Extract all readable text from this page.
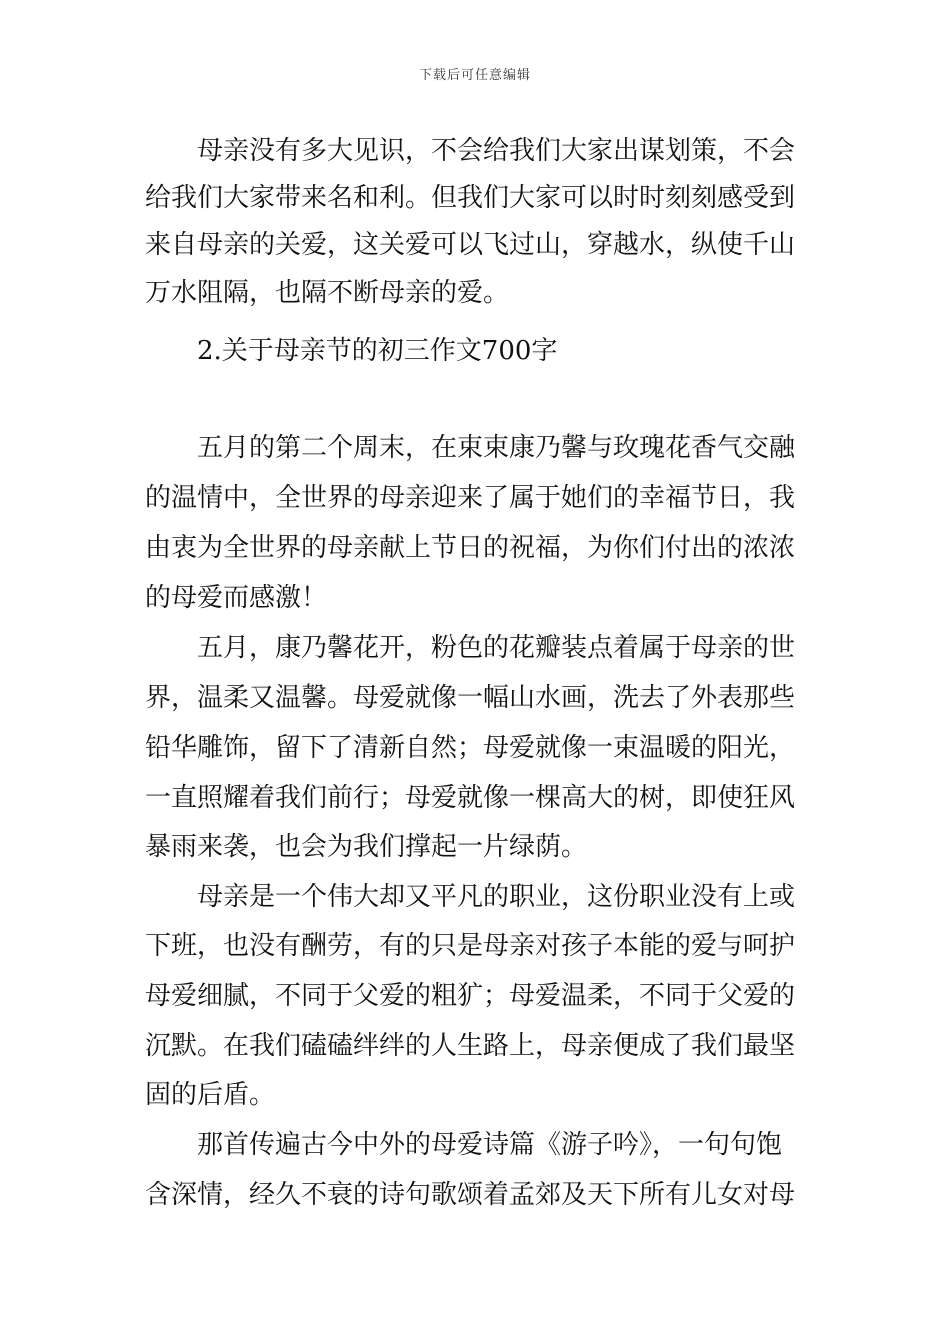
下载后可任意编辑
　　母亲没有多大见识，不会给我们大家出谋划策，不会
给我们大家带来名和利。但我们大家可以时时刻刻感受到
来自母亲的关爱，这关爱可以飞过山，穿越水，纵使千山
万水阻隔，也隔不断母亲的爱。
　　2.关于母亲节的初三作文700字
　　五月的第二个周末，在束束康乃馨与玫瑰花香气交融
的温情中，全世界的母亲迎来了属于她们的幸福节日，我
由衷为全世界的母亲献上节日的祝福，为你们付出的浓浓
的母爱而感激！
　　五月，康乃馨花开，粉色的花瓣装点着属于母亲的世
界，温柔又温馨。母爱就像一幅山水画，洗去了外表那些
铅华雕饰，留下了清新自然；母爱就像一束温暖的阳光，
一直照耀着我们前行；母爱就像一棵高大的树，即使狂风
暴雨来袭，也会为我们撑起一片绿荫。
　　母亲是一个伟大却又平凡的职业，这份职业没有上或
下班，也没有酬劳，有的只是母亲对孩子本能的爱与呵护
母爱细腻，不同于父爱的粗犷；母爱温柔，不同于父爱的
沉默。在我们磕磕绊绊的人生路上，母亲便成了我们最坚
固的后盾。
　　那首传遍古今中外的母爱诗篇《游子吟》，一句句饱
含深情，经久不衰的诗句歌颂着孟郊及天下所有儿女对母
